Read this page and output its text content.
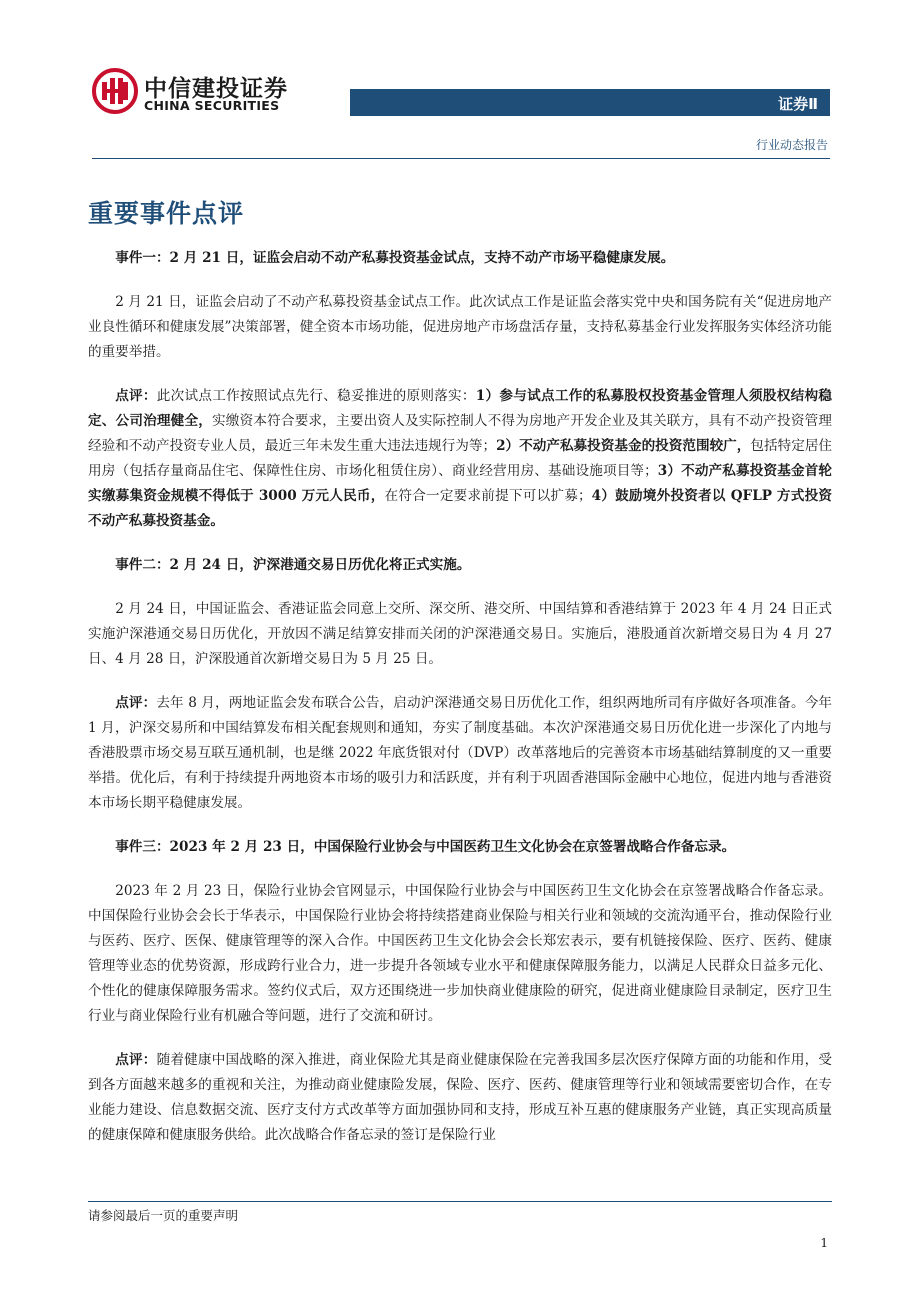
中信建投证券
CHINA SECURITIES	证券Ⅱ
行业动态报告
重要事件点评

事件一：2 月 21 日，证监会启动不动产私募投资基金试点，支持不动产市场平稳健康发展。

2 月 21 日，证监会启动了不动产私募投资基金试点工作。此次试点工作是证监会落实党中央和国务院有关“促进房地产业良性循环和健康发展”决策部署，健全资本市场功能，促进房地产市场盘活存量，支持私募基金行业发挥服务实体经济功能的重要举措。

点评：此次试点工作按照试点先行、稳妥推进的原则落实：1）参与试点工作的私募股权投资基金管理人须股权结构稳定、公司治理健全，实缴资本符合要求，主要出资人及实际控制人不得为房地产开发企业及其关联方，具有不动产投资管理经验和不动产投资专业人员，最近三年未发生重大违法违规行为等；2）不动产私募投资基金的投资范围较广，包括特定居住用房（包括存量商品住宅、保障性住房、市场化租赁住房）、商业经营用房、基础设施项目等；3）不动产私募投资基金首轮实缴募集资金规模不得低于 3000 万元人民币，在符合一定要求前提下可以扩募；4）鼓励境外投资者以 QFLP 方式投资不动产私募投资基金。

事件二：2 月 24 日，沪深港通交易日历优化将正式实施。

2 月 24 日，中国证监会、香港证监会同意上交所、深交所、港交所、中国结算和香港结算于 2023 年 4 月 24 日正式实施沪深港通交易日历优化，开放因不满足结算安排而关闭的沪深港通交易日。实施后，港股通首次新增交易日为 4 月 27 日、4 月 28 日，沪深股通首次新增交易日为 5 月 25 日。

点评：去年 8 月，两地证监会发布联合公告，启动沪深港通交易日历优化工作，组织两地所司有序做好各项准备。今年 1 月，沪深交易所和中国结算发布相关配套规则和通知，夯实了制度基础。本次沪深港通交易日历优化进一步深化了内地与香港股票市场交易互联互通机制，也是继 2022 年底货银对付（DVP）改革落地后的完善资本市场基础结算制度的又一重要举措。优化后，有利于持续提升两地资本市场的吸引力和活跃度，并有利于巩固香港国际金融中心地位，促进内地与香港资本市场长期平稳健康发展。

事件三：2023 年 2 月 23 日，中国保险行业协会与中国医药卫生文化协会在京签署战略合作备忘录。

2023 年 2 月 23 日，保险行业协会官网显示，中国保险行业协会与中国医药卫生文化协会在京签署战略合作备忘录。中国保险行业协会会长于华表示，中国保险行业协会将持续搭建商业保险与相关行业和领域的交流沟通平台，推动保险行业与医药、医疗、医保、健康管理等的深入合作。中国医药卫生文化协会会长郑宏表示，要有机链接保险、医疗、医药、健康管理等业态的优势资源，形成跨行业合力，进一步提升各领域专业水平和健康保障服务能力，以满足人民群众日益多元化、个性化的健康保障服务需求。签约仪式后，双方还围绕进一步加快商业健康险的研究，促进商业健康险目录制定，医疗卫生行业与商业保险行业有机融合等问题，进行了交流和研讨。

点评：随着健康中国战略的深入推进，商业保险尤其是商业健康保险在完善我国多层次医疗保障方面的功能和作用，受到各方面越来越多的重视和关注，为推动商业健康险发展，保险、医疗、医药、健康管理等行业和领域需要密切合作，在专业能力建设、信息数据交流、医疗支付方式改革等方面加强协同和支持，形成互补互惠的健康服务产业链，真正实现高质量的健康保障和健康服务供给。此次战略合作备忘录的签订是保险行业

请参阅最后一页的重要声明
1
